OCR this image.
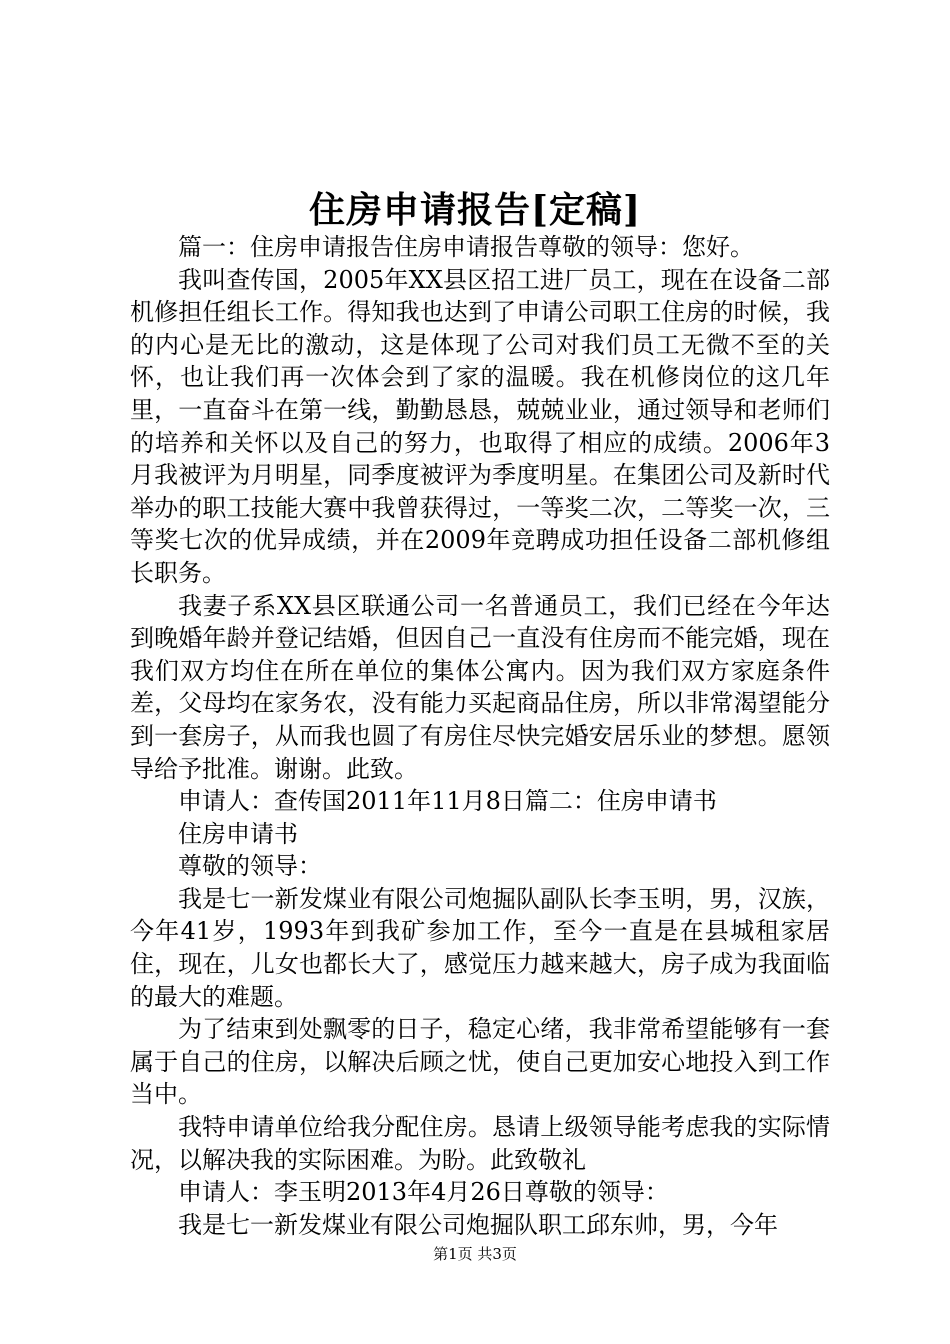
住房申请报告[定稿]

篇一：住房申请报告住房申请报告尊敬的领导：您好。

我叫查传国，2005年XX县区招工进厂员工，现在在设备二部机修担任组长工作。得知我也达到了申请公司职工住房的时候，我的内心是无比的激动，这是体现了公司对我们员工无微不至的关怀，也让我们再一次体会到了家的温暖。我在机修岗位的这几年里，一直奋斗在第一线，勤勤恳恳，兢兢业业，通过领导和老师们的培养和关怀以及自己的努力，也取得了相应的成绩。2006年3月我被评为月明星，同季度被评为季度明星。在集团公司及新时代举办的职工技能大赛中我曾获得过，一等奖二次，二等奖一次，三等奖七次的优异成绩，并在2009年竞聘成功担任设备二部机修组长职务。

我妻子系XX县区联通公司一名普通员工，我们已经在今年达到晚婚年龄并登记结婚，但因自己一直没有住房而不能完婚，现在我们双方均住在所在单位的集体公寓内。因为我们双方家庭条件差，父母均在家务农，没有能力买起商品住房，所以非常渴望能分到一套房子，从而我也圆了有房住尽快完婚安居乐业的梦想。愿领导给予批准。谢谢。此致。

申请人：查传国2011年11月8日篇二：住房申请书

住房申请书

尊敬的领导：

我是七一新发煤业有限公司炮掘队副队长李玉明，男，汉族，今年41岁，1993年到我矿参加工作，至今一直是在县城租家居住，现在，儿女也都长大了，感觉压力越来越大，房子成为我面临的最大的难题。

为了结束到处飘零的日子，稳定心绪，我非常希望能够有一套属于自己的住房，以解决后顾之忧，使自己更加安心地投入到工作当中。

我特申请单位给我分配住房。恳请上级领导能考虑我的实际情况，以解决我的实际困难。为盼。此致敬礼

申请人：李玉明2013年4月26日尊敬的领导：

我是七一新发煤业有限公司炮掘队职工邱东帅，男，今年

第1页 共3页
